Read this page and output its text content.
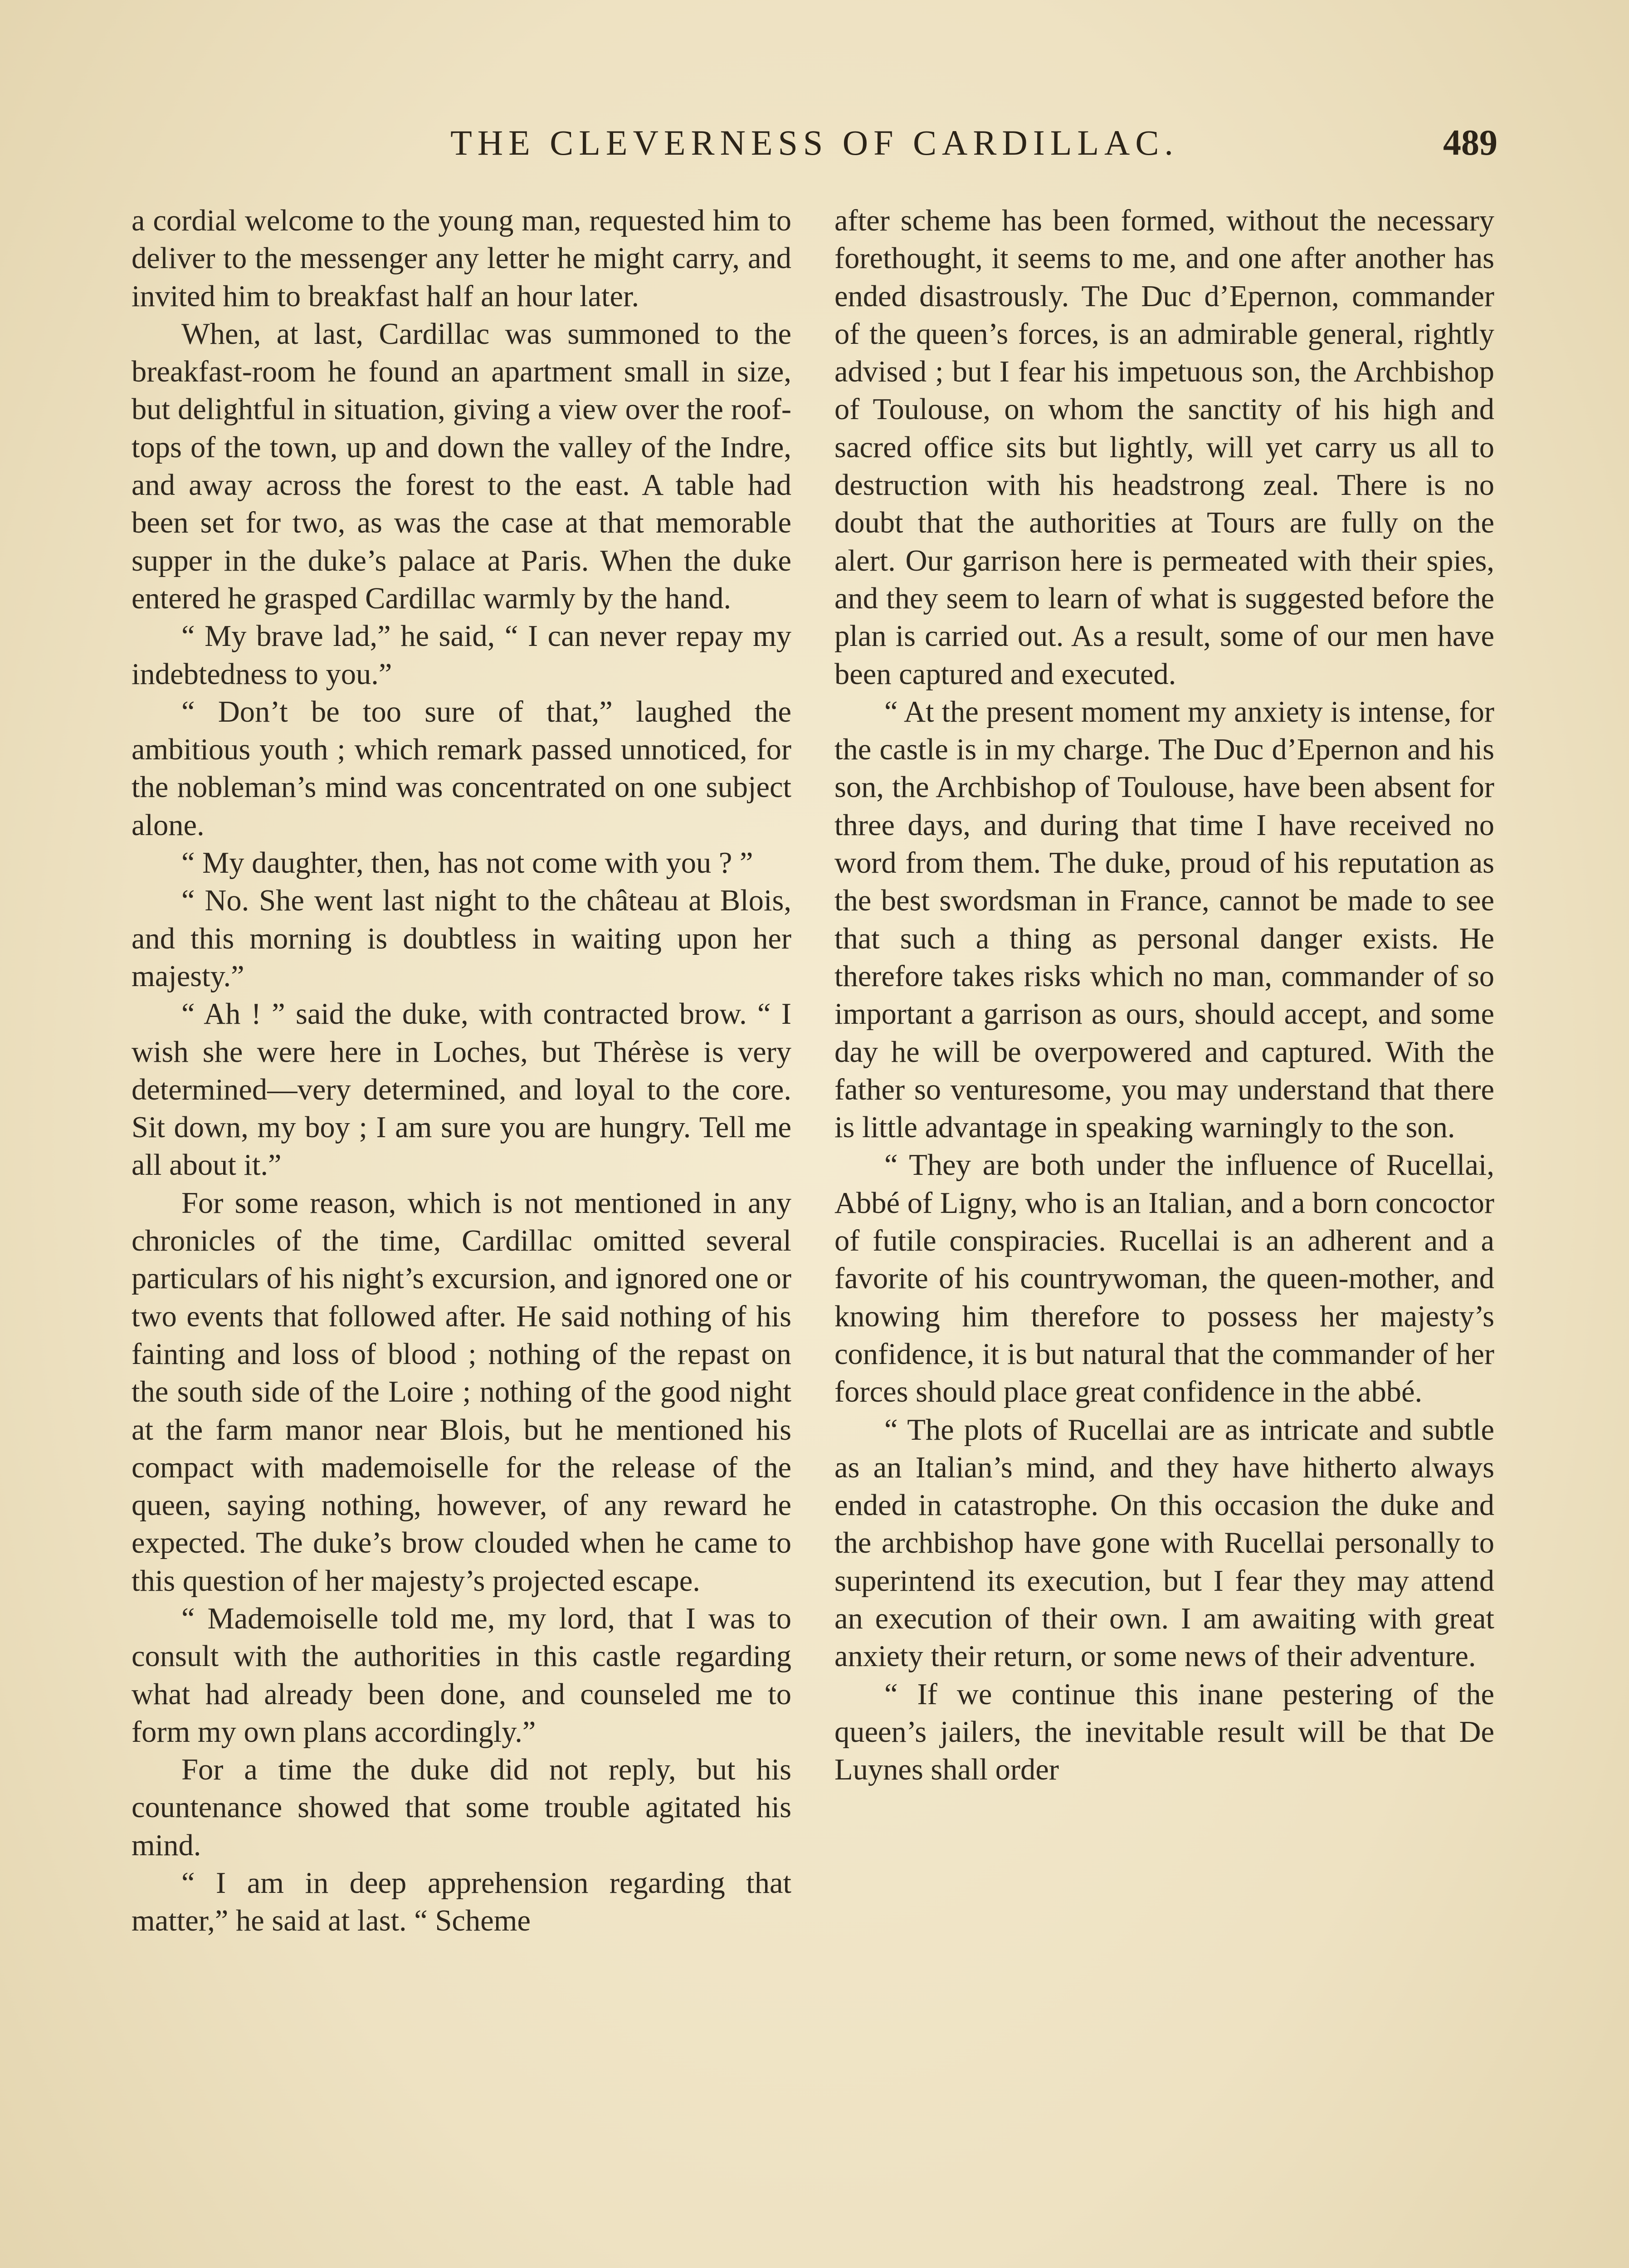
THE CLEVERNESS OF CARDILLAC.	489

a cordial welcome to the young man, requested him to deliver to the messenger any letter he might carry, and invited him to breakfast half an hour later.

When, at last, Cardillac was summoned to the breakfast-room he found an apartment small in size, but delightful in situation, giving a view over the roof-tops of the town, up and down the valley of the Indre, and away across the forest to the east. A table had been set for two, as was the case at that memorable supper in the duke’s palace at Paris. When the duke entered he grasped Cardillac warmly by the hand.

“ My brave lad,” he said, “ I can never repay my indebtedness to you.”

“ Don’t be too sure of that,” laughed the ambitious youth ; which remark passed unnoticed, for the nobleman’s mind was concentrated on one subject alone.

“ My daughter, then, has not come with you ? ”

“ No. She went last night to the château at Blois, and this morning is doubtless in waiting upon her majesty.”

“ Ah ! ” said the duke, with contracted brow. “ I wish she were here in Loches, but Thérèse is very determined—very determined, and loyal to the core. Sit down, my boy ; I am sure you are hungry. Tell me all about it.”

For some reason, which is not mentioned in any chronicles of the time, Cardillac omitted several particulars of his night’s excursion, and ignored one or two events that followed after. He said nothing of his fainting and loss of blood ; nothing of the repast on the south side of the Loire ; nothing of the good night at the farm manor near Blois, but he mentioned his compact with mademoiselle for the release of the queen, saying nothing, however, of any reward he expected. The duke’s brow clouded when he came to this question of her majesty’s projected escape.

“ Mademoiselle told me, my lord, that I was to consult with the authorities in this castle regarding what had already been done, and counseled me to form my own plans accordingly.”

For a time the duke did not reply, but his countenance showed that some trouble agitated his mind.

“ I am in deep apprehension regarding that matter,” he said at last. “ Scheme

after scheme has been formed, without the necessary forethought, it seems to me, and one after another has ended disastrously. The Duc d’Epernon, commander of the queen’s forces, is an admirable general, rightly advised ; but I fear his impetuous son, the Archbishop of Toulouse, on whom the sanctity of his high and sacred office sits but lightly, will yet carry us all to destruction with his headstrong zeal. There is no doubt that the authorities at Tours are fully on the alert. Our garrison here is permeated with their spies, and they seem to learn of what is suggested before the plan is carried out. As a result, some of our men have been captured and executed.

“ At the present moment my anxiety is intense, for the castle is in my charge. The Duc d’Epernon and his son, the Archbishop of Toulouse, have been absent for three days, and during that time I have received no word from them. The duke, proud of his reputation as the best swordsman in France, cannot be made to see that such a thing as personal danger exists. He therefore takes risks which no man, commander of so important a garrison as ours, should accept, and some day he will be overpowered and captured. With the father so venturesome, you may understand that there is little advantage in speaking warningly to the son.

“ They are both under the influence of Rucellai, Abbé of Ligny, who is an Italian, and a born concoctor of futile conspiracies. Rucellai is an adherent and a favorite of his countrywoman, the queen-mother, and knowing him therefore to possess her majesty’s confidence, it is but natural that the commander of her forces should place great confidence in the abbé.

“ The plots of Rucellai are as intricate and subtle as an Italian’s mind, and they have hitherto always ended in catastrophe. On this occasion the duke and the archbishop have gone with Rucellai personally to superintend its execution, but I fear they may attend an execution of their own. I am awaiting with great anxiety their return, or some news of their adventure.

“ If we continue this inane pestering of the queen’s jailers, the inevitable result will be that De Luynes shall order
